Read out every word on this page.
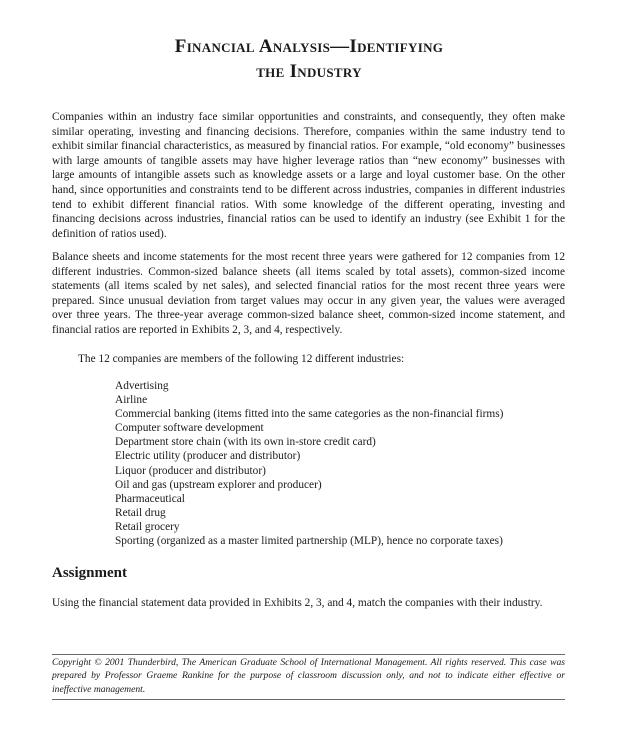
Financial Analysis—Identifying
the Industry

Companies within an industry face similar opportunities and constraints, and consequently, they often make similar operating, investing and financing decisions. Therefore, companies within the same industry tend to exhibit similar financial characteristics, as measured by financial ratios. For example, “old economy” businesses with large amounts of tangible assets may have higher leverage ratios than “new economy” businesses with large amounts of intangible assets such as knowledge assets or a large and loyal customer base. On the other hand, since opportunities and constraints tend to be different across industries, companies in different industries tend to exhibit different financial ratios. With some knowledge of the different operating, investing and financing decisions across industries, financial ratios can be used to identify an industry (see Exhibit 1 for the definition of ratios used).

Balance sheets and income statements for the most recent three years were gathered for 12 companies from 12 different industries. Common-sized balance sheets (all items scaled by total assets), common-sized income statements (all items scaled by net sales), and selected financial ratios for the most recent three years were prepared. Since unusual deviation from target values may occur in any given year, the values were averaged over three years. The three-year average common-sized balance sheet, common-sized income statement, and financial ratios are reported in Exhibits 2, 3, and 4, respectively.

The 12 companies are members of the following 12 different industries:

Advertising
Airline
Commercial banking (items fitted into the same categories as the non-financial firms)
Computer software development
Department store chain (with its own in-store credit card)
Electric utility (producer and distributor)
Liquor (producer and distributor)
Oil and gas (upstream explorer and producer)
Pharmaceutical
Retail drug
Retail grocery
Sporting (organized as a master limited partnership (MLP), hence no corporate taxes)
Assignment

Using the financial statement data provided in Exhibits 2, 3, and 4, match the companies with their industry.

Copyright © 2001 Thunderbird, The American Graduate School of International Management. All rights reserved. This case was prepared by Professor Graeme Rankine for the purpose of classroom discussion only, and not to indicate either effective or ineffective management.
